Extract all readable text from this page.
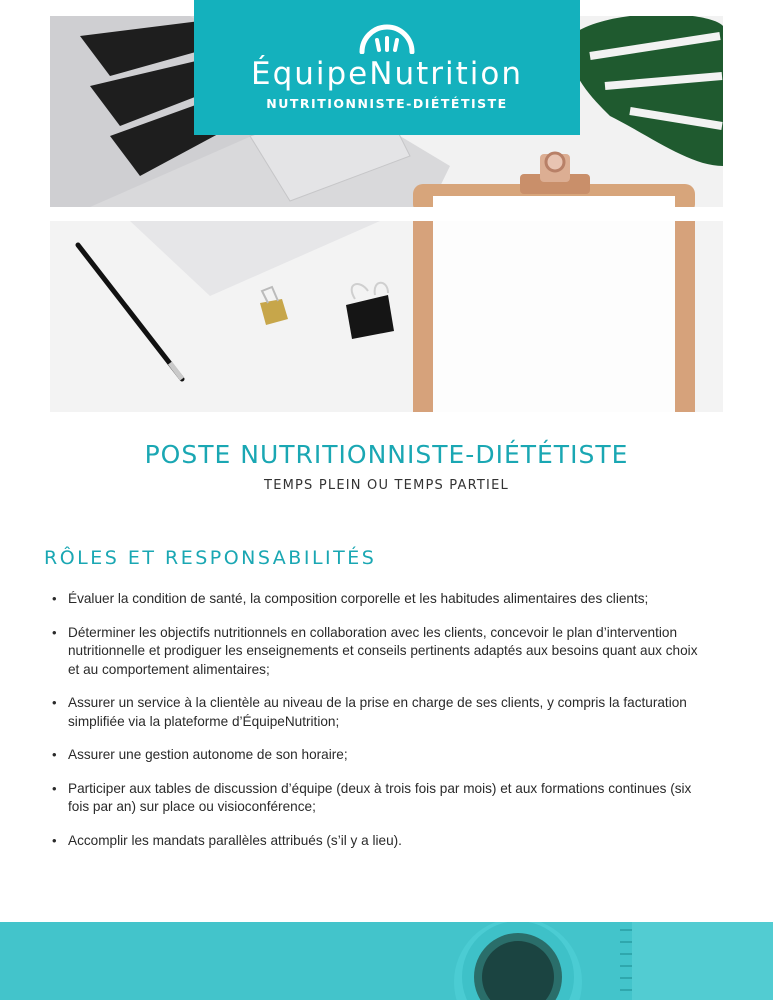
ÉquipeNutrition
NUTRITIONNISTE-DIÉTÉTISTE
POSTE NUTRITIONNISTE-DIÉTÉTISTE
TEMPS PLEIN OU TEMPS PARTIEL
RÔLES ET RESPONSABILITÉS
• Évaluer la condition de santé, la composition corporelle et les habitudes alimentaires des clients;
• Déterminer les objectifs nutritionnels en collaboration avec les clients, concevoir le plan d’intervention nutritionnelle et prodiguer les enseignements et conseils pertinents adaptés aux besoins quant aux choix et au comportement alimentaires;
• Assurer un service à la clientèle au niveau de la prise en charge de ses clients, y compris la facturation simplifiée via la plateforme d’ÉquipeNutrition;
• Assurer une gestion autonome de son horaire;
• Participer aux tables de discussion d’équipe (deux à trois fois par mois) et aux formations continues (six fois par an) sur place ou visioconférence;
• Accomplir les mandats parallèles attribués (s’il y a lieu).
